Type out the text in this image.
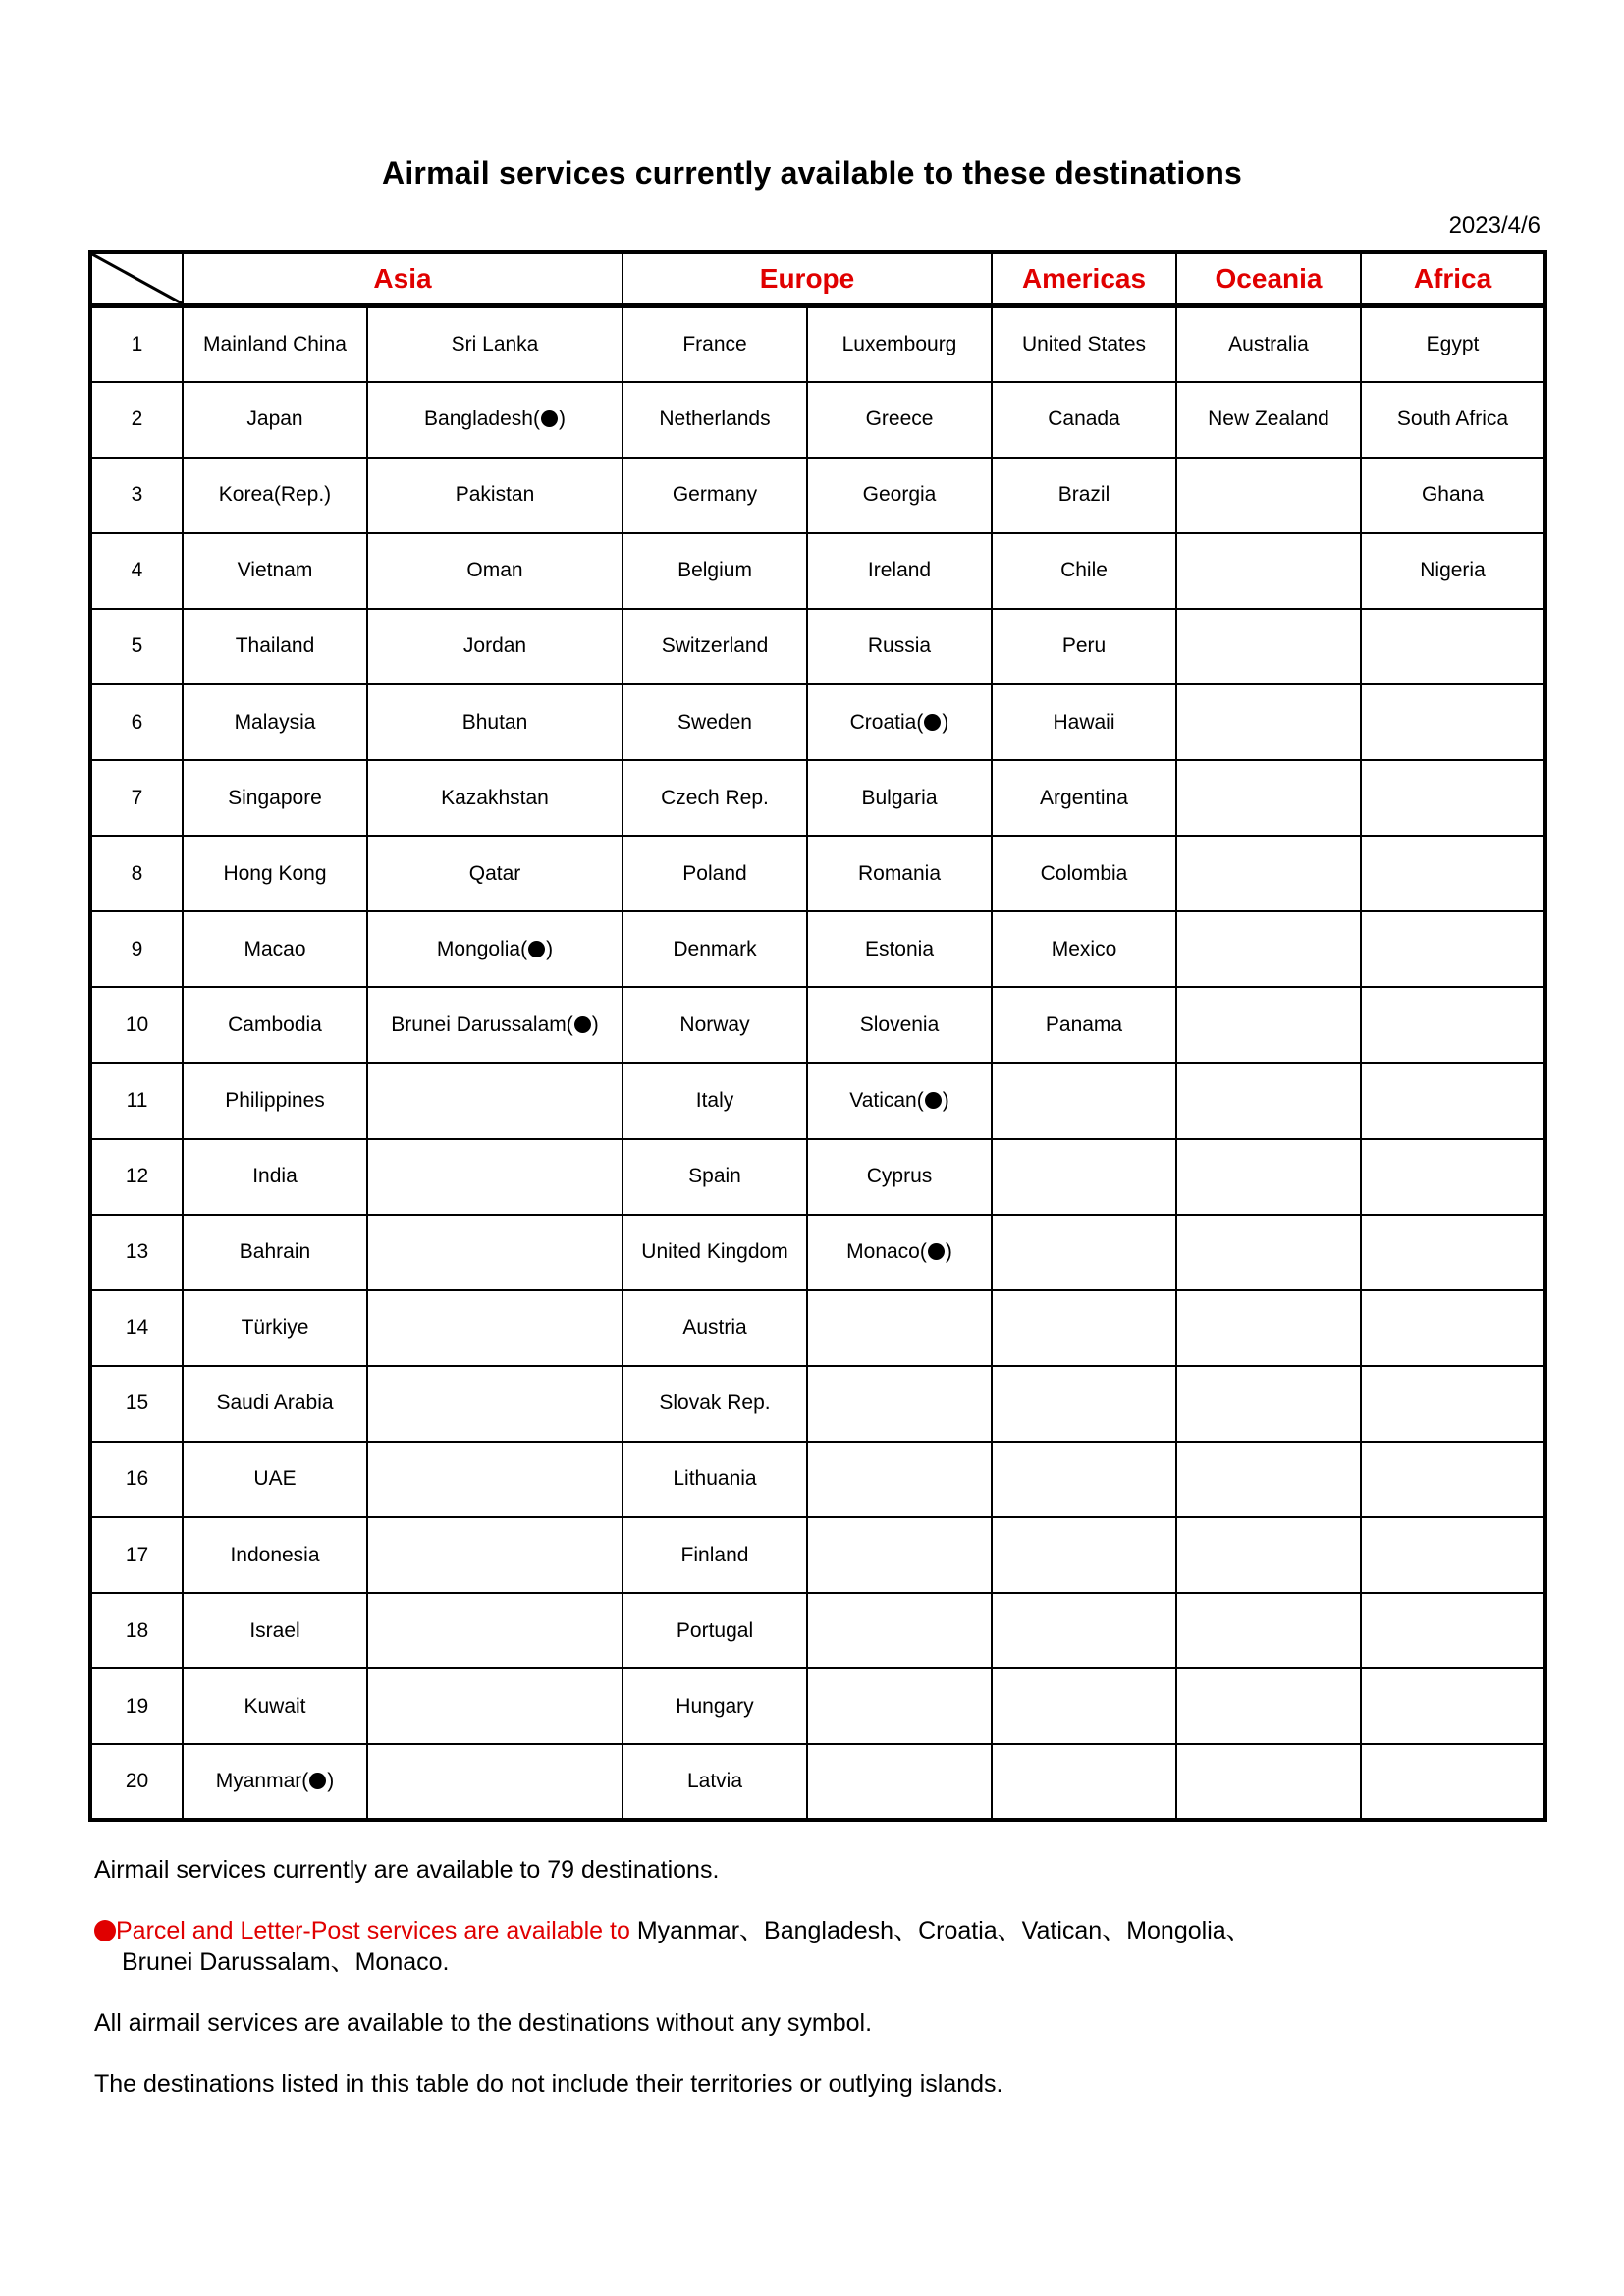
Airmail services currently available to these destinations
2023/4/6
	Asia		Europe		Americas	Oceania	Africa
1	Mainland China	Sri Lanka	France	Luxembourg	United States	Australia	Egypt
2	Japan	Bangladesh( )	Netherlands	Greece	Canada	New Zealand	South Africa
3	Korea(Rep.)	Pakistan	Germany	Georgia	Brazil		Ghana
4	Vietnam	Oman	Belgium	Ireland	Chile		Nigeria
5	Thailand	Jordan	Switzerland	Russia	Peru		
6	Malaysia	Bhutan	Sweden	Croatia( )	Hawaii		
7	Singapore	Kazakhstan	Czech Rep.	Bulgaria	Argentina		
8	Hong Kong	Qatar	Poland	Romania	Colombia		
9	Macao	Mongolia( )	Denmark	Estonia	Mexico		
10	Cambodia	Brunei Darussalam( )	Norway	Slovenia	Panama		
11	Philippines		Italy	Vatican( )			
12	India		Spain	Cyprus			
13	Bahrain		United Kingdom	Monaco( )			
14	Türkiye		Austria				
15	Saudi Arabia		Slovak Rep.				
16	UAE		Lithuania				
17	Indonesia		Finland				
18	Israel		Portugal				
19	Kuwait		Hungary				
20	Myanmar( )		Latvia				

Airmail services currently are available to 79 destinations.

Parcel and Letter-Post services are available to Myanmar、Bangladesh、Croatia、Vatican、Mongolia、
Brunei Darussalam、Monaco.

All airmail services are available to the destinations without any symbol.

The destinations listed in this table do not include their territories or outlying islands.
